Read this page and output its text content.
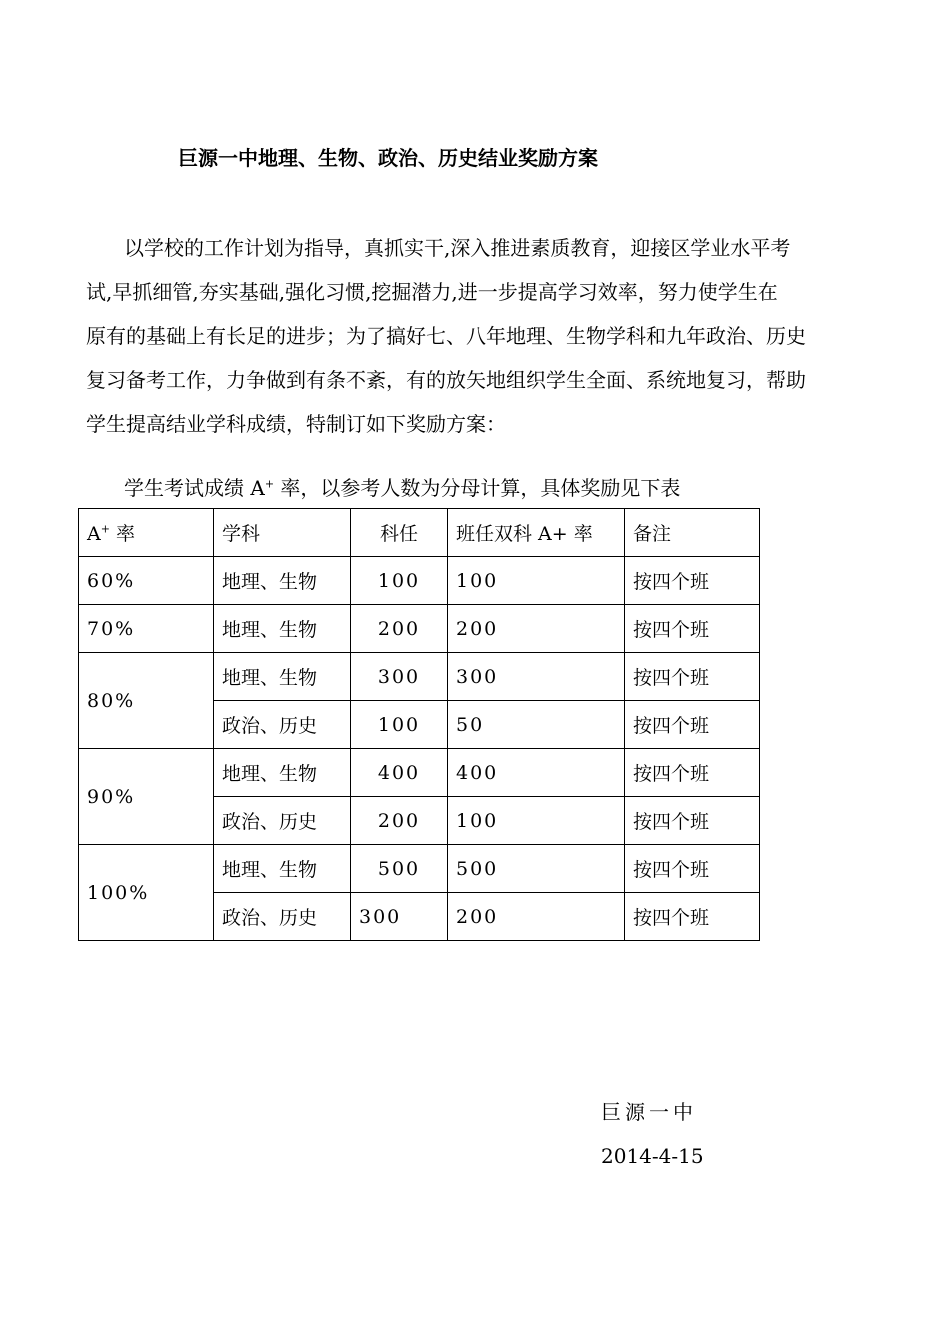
巨源一中地理、生物、政治、历史结业奖励方案
以学校的工作计划为指导，真抓实干,深入推进素质教育，迎接区学业水平考
试,早抓细管,夯实基础,强化习惯,挖掘潜力,进一步提高学习效率，努力使学生在
原有的基础上有长足的进步；为了搞好七、八年地理、生物学科和九年政治、历史
复习备考工作，力争做到有条不紊，有的放矢地组织学生全面、系统地复习，帮助
学生提高结业学科成绩，特制订如下奖励方案：
学生考试成绩 A+ 率，以参考人数为分母计算，具体奖励见下表
A+ 率	学科	科任	班任双科 A+ 率	备注
60%	地理、生物	100	100	按四个班
70%	地理、生物	200	200	按四个班
80%	地理、生物	300	300	按四个班
	政治、历史	100	50	按四个班
90%	地理、生物	400	400	按四个班
	政治、历史	200	100	按四个班
100%	地理、生物	500	500	按四个班
	政治、历史	300	200	按四个班
巨源一中
2014-4-15
